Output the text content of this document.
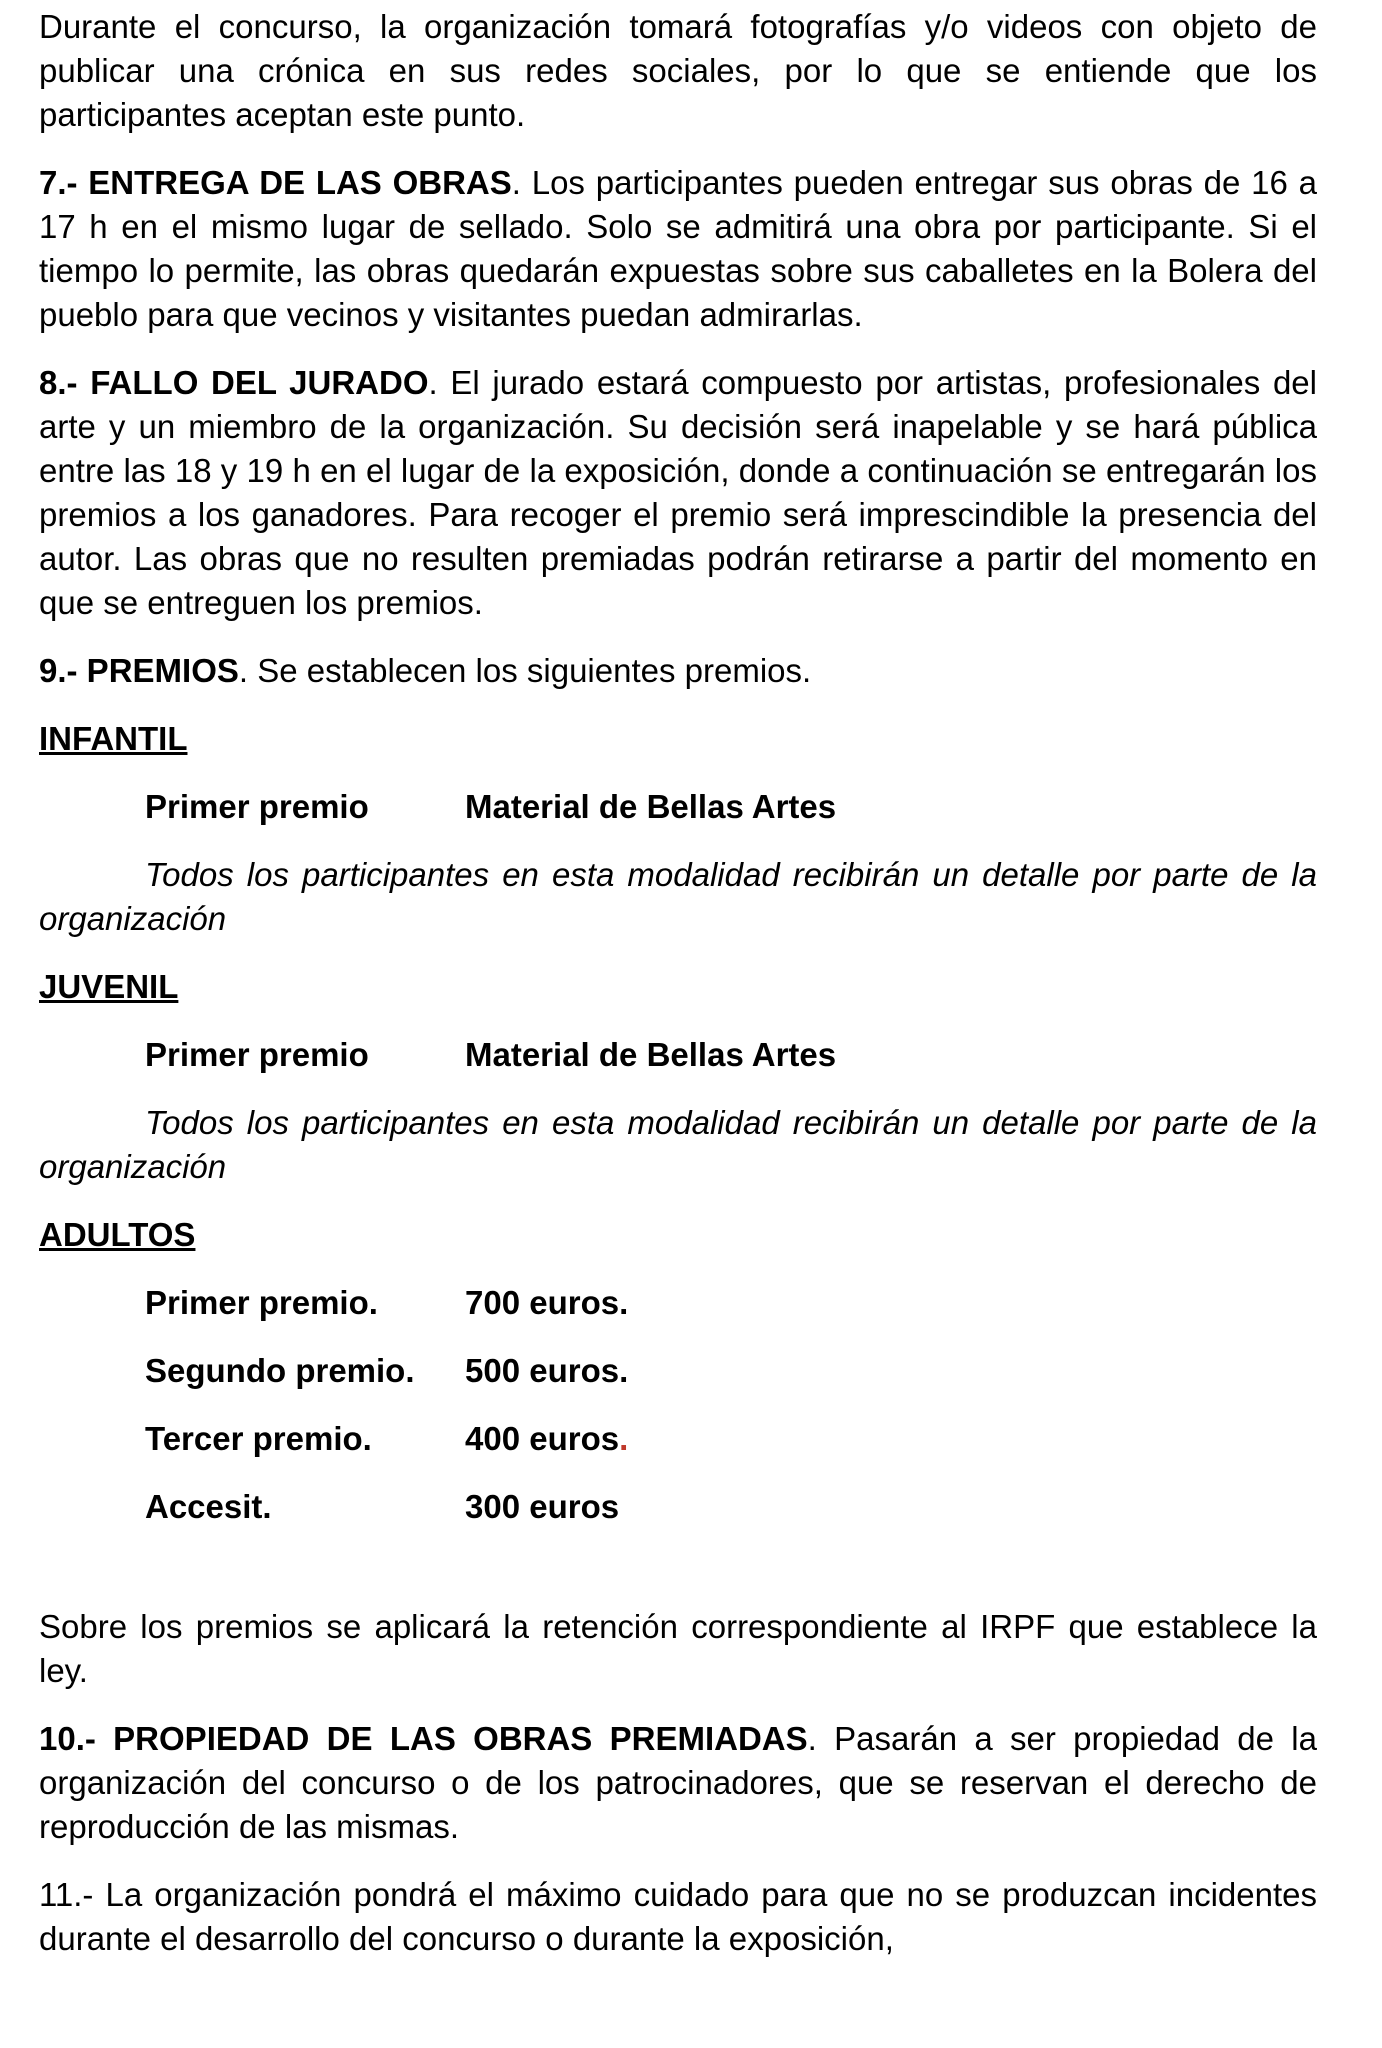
Durante el concurso, la organización tomará fotografías y/o videos con objeto de publicar una crónica en sus redes sociales, por lo que se entiende que los participantes aceptan este punto.

7.- ENTREGA DE LAS OBRAS. Los participantes pueden entregar sus obras de 16 a 17 h en el mismo lugar de sellado. Solo se admitirá una obra por participante. Si el tiempo lo permite, las obras quedarán expuestas sobre sus caballetes en la Bolera del pueblo para que vecinos y visitantes puedan admirarlas.

8.- FALLO DEL JURADO. El jurado estará compuesto por artistas, profesionales del arte y un miembro de la organización. Su decisión será inapelable y se hará pública entre las 18 y 19 h en el lugar de la exposición, donde a continuación se entregarán los premios a los ganadores. Para recoger el premio será imprescindible la presencia del autor. Las obras que no resulten premiadas podrán retirarse a partir del momento en que se entreguen los premios.

9.- PREMIOS. Se establecen los siguientes premios.

INFANTIL

Primer premio	Material de Bellas Artes

Todos los participantes en esta modalidad recibirán un detalle por parte de la organización

JUVENIL

Primer premio	Material de Bellas Artes

Todos los participantes en esta modalidad recibirán un detalle por parte de la organización

ADULTOS

Primer premio.	700 euros.
Segundo premio.	500 euros.
Tercer premio.	400 euros.
Accesit.	300 euros

Sobre los premios se aplicará la retención correspondiente al IRPF que establece la ley.

10.- PROPIEDAD DE LAS OBRAS PREMIADAS. Pasarán a ser propiedad de la organización del concurso o de los patrocinadores, que se reservan el derecho de reproducción de las mismas.

11.- La organización pondrá el máximo cuidado para que no se produzcan incidentes durante el desarrollo del concurso o durante la exposición,
